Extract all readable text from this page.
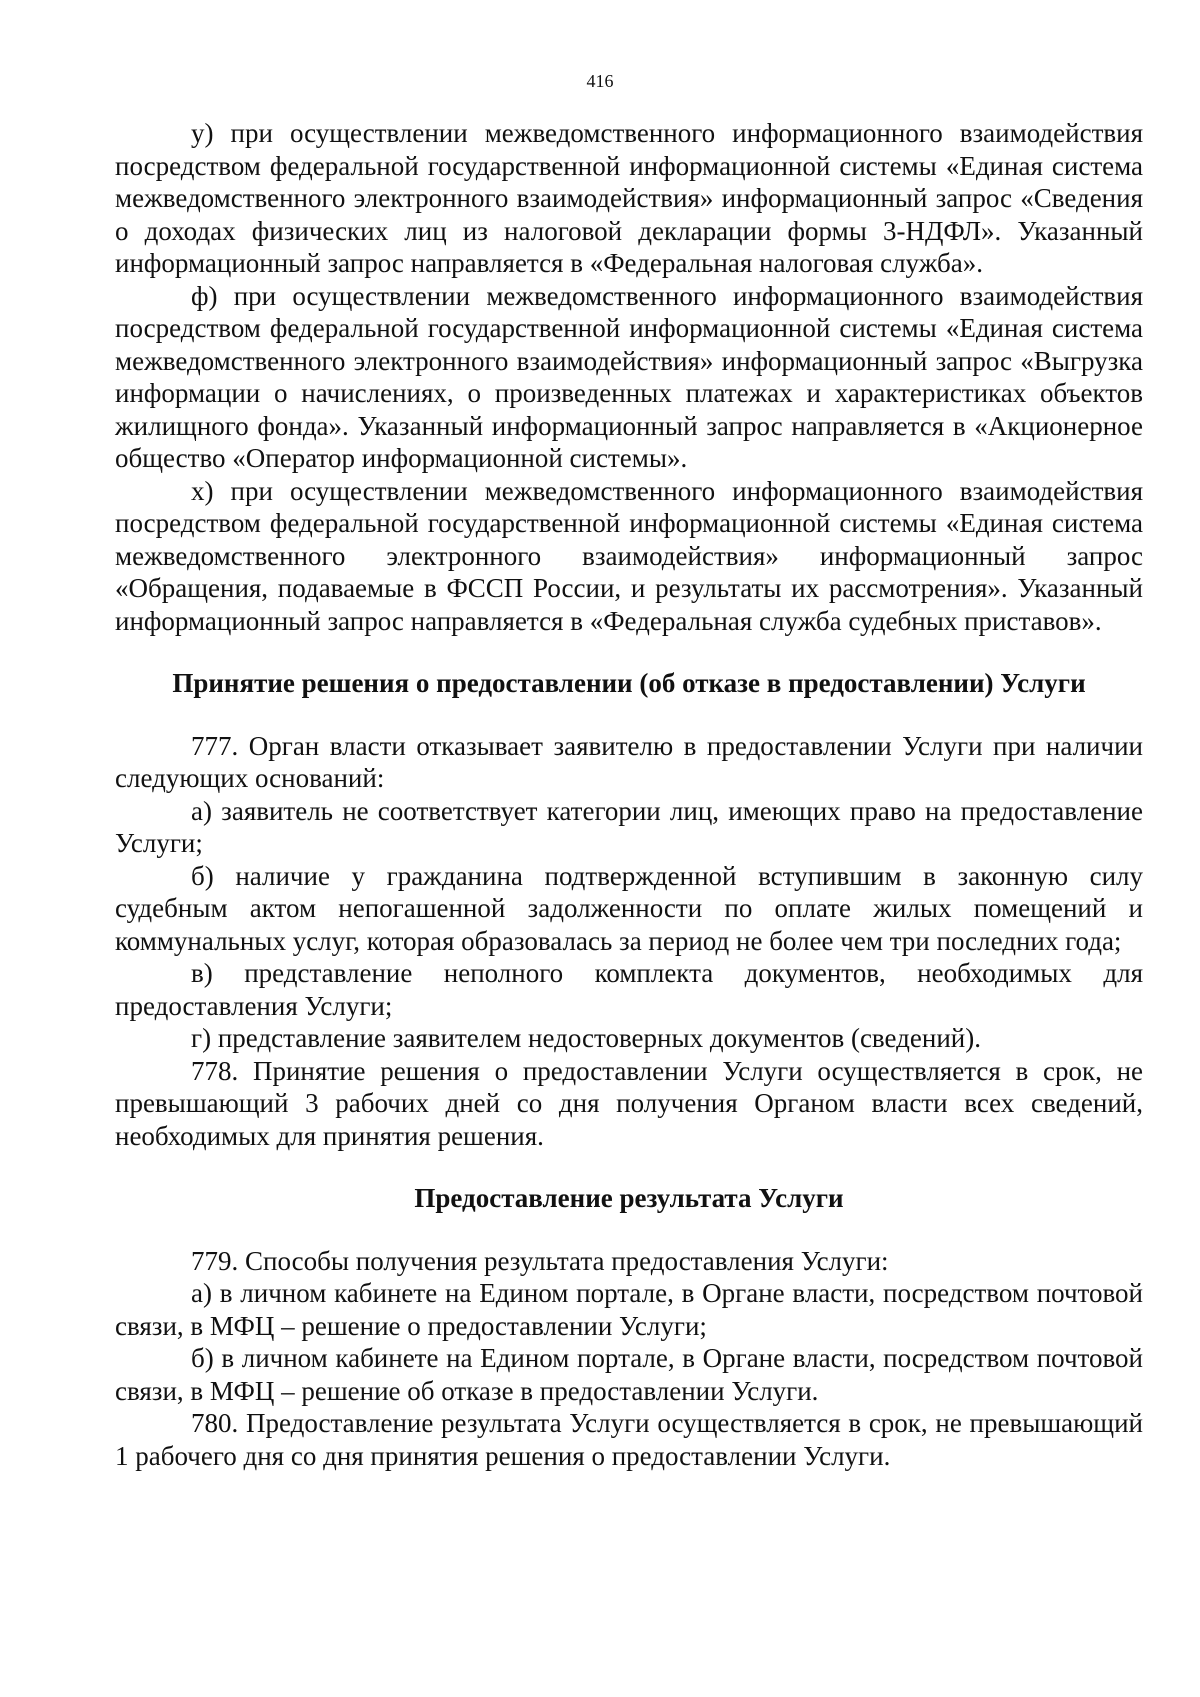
416

у) при осуществлении межведомственного информационного взаимодействия посредством федеральной государственной информационной системы «Единая система межведомственного электронного взаимодействия» информационный запрос «Сведения о доходах физических лиц из налоговой декларации формы 3-НДФЛ». Указанный информационный запрос направляется в «Федеральная налоговая служба».

ф) при осуществлении межведомственного информационного взаимодействия посредством федеральной государственной информационной системы «Единая система межведомственного электронного взаимодействия» информационный запрос «Выгрузка информации о начислениях, о произведенных платежах и характеристиках объектов жилищного фонда». Указанный информационный запрос направляется в «Акционерное общество «Оператор информационной системы».

х) при осуществлении межведомственного информационного взаимодействия посредством федеральной государственной информационной системы «Единая система межведомственного электронного взаимодействия» информационный запрос «Обращения, подаваемые в ФССП России, и результаты их рассмотрения». Указанный информационный запрос направляется в «Федеральная служба судебных приставов».

Принятие решения о предоставлении (об отказе в предоставлении) Услуги

777. Орган власти отказывает заявителю в предоставлении Услуги при наличии следующих оснований:

а) заявитель не соответствует категории лиц, имеющих право на предоставление Услуги;

б) наличие у гражданина подтвержденной вступившим в законную силу судебным актом непогашенной задолженности по оплате жилых помещений и коммунальных услуг, которая образовалась за период не более чем три последних года;

в) представление неполного комплекта документов, необходимых для предоставления Услуги;

г) представление заявителем недостоверных документов (сведений).

778. Принятие решения о предоставлении Услуги осуществляется в срок, не превышающий 3 рабочих дней со дня получения Органом власти всех сведений, необходимых для принятия решения.

Предоставление результата Услуги

779. Способы получения результата предоставления Услуги:

а) в личном кабинете на Едином портале, в Органе власти, посредством почтовой связи, в МФЦ – решение о предоставлении Услуги;

б) в личном кабинете на Едином портале, в Органе власти, посредством почтовой связи, в МФЦ – решение об отказе в предоставлении Услуги.

780. Предоставление результата Услуги осуществляется в срок, не превышающий 1 рабочего дня со дня принятия решения о предоставлении Услуги.
